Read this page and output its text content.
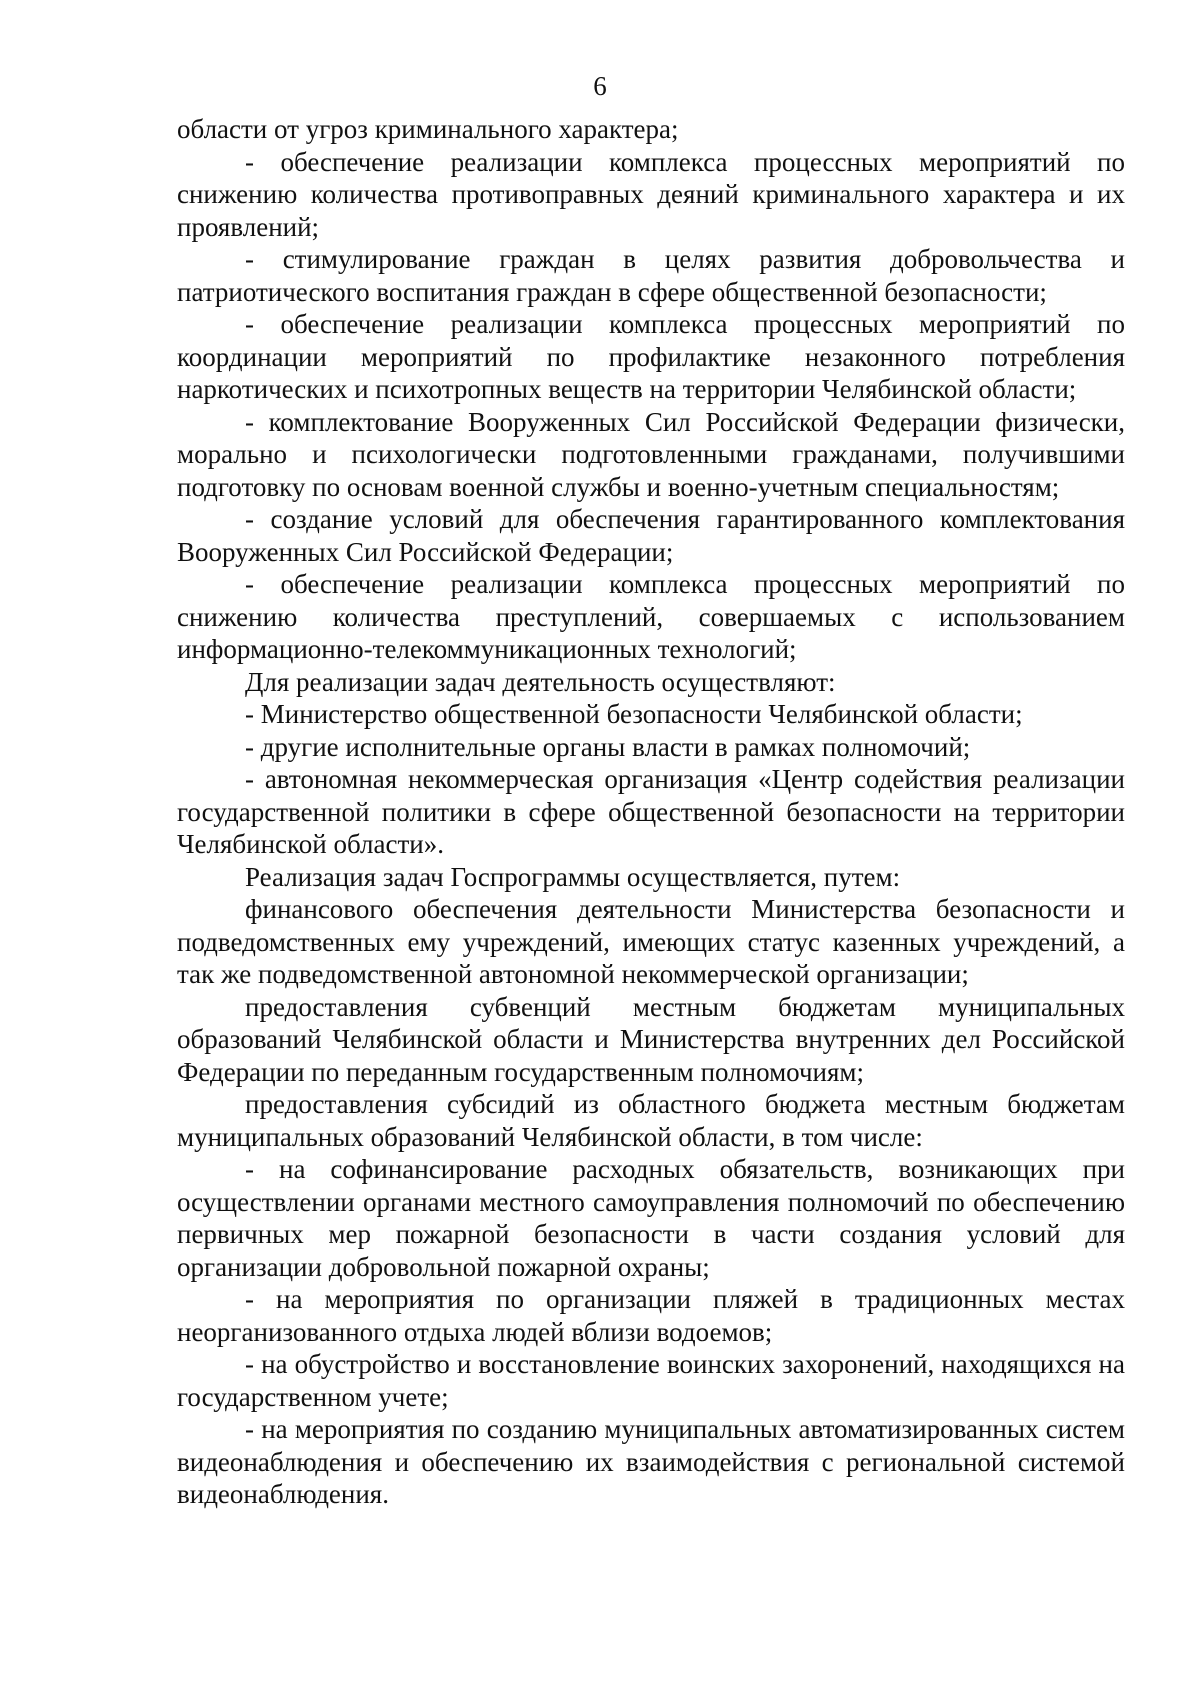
6

области от угроз криминального характера;

- обеспечение реализации комплекса процессных мероприятий по снижению количества противоправных деяний криминального характера и их проявлений;

- стимулирование граждан в целях развития добровольчества и патриотического воспитания граждан в сфере общественной безопасности;

- обеспечение реализации комплекса процессных мероприятий по координации мероприятий по профилактике незаконного потребления наркотических и психотропных веществ на территории Челябинской области;

- комплектование Вооруженных Сил Российской Федерации физически, морально и психологически подготовленными гражданами, получившими подготовку по основам военной службы и военно-учетным специальностям;

- создание условий для обеспечения гарантированного комплектования Вооруженных Сил Российской Федерации;

- обеспечение реализации комплекса процессных мероприятий по снижению количества преступлений, совершаемых с использованием информационно-телекоммуникационных технологий;

Для реализации задач деятельность осуществляют:

- Министерство общественной безопасности Челябинской области;

- другие исполнительные органы власти в рамках полномочий;

- автономная некоммерческая организация «Центр содействия реализации государственной политики в сфере общественной безопасности на территории Челябинской области».

Реализация задач Госпрограммы осуществляется, путем:

финансового обеспечения деятельности Министерства безопасности и подведомственных ему учреждений, имеющих статус казенных учреждений, а так же подведомственной автономной некоммерческой организации;

предоставления субвенций местным бюджетам муниципальных образований Челябинской области и Министерства внутренних дел Российской Федерации по переданным государственным полномочиям;

предоставления субсидий из областного бюджета местным бюджетам муниципальных образований Челябинской области, в том числе:

- на софинансирование расходных обязательств, возникающих при осуществлении органами местного самоуправления полномочий по обеспечению первичных мер пожарной безопасности в части создания условий для организации добровольной пожарной охраны;

- на мероприятия по организации пляжей в традиционных местах неорганизованного отдыха людей вблизи водоемов;

- на обустройство и восстановление воинских захоронений, находящихся на государственном учете;

- на мероприятия по созданию муниципальных автоматизированных систем видеонаблюдения и обеспечению их взаимодействия с региональной системой видеонаблюдения.
